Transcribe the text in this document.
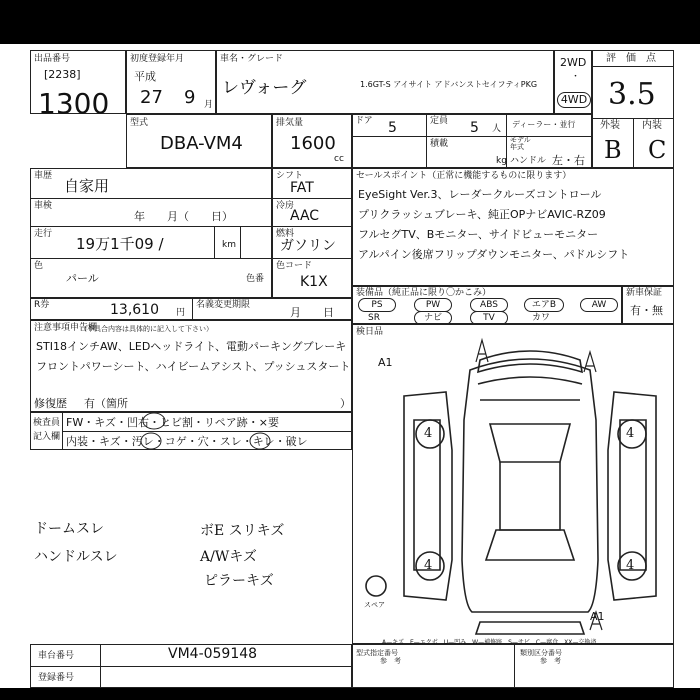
出品番号
[2238]
1300
初度登録年月
平成
27 9 月
車名・グレード
レヴォーグ	1.6GT-S アイサイト アドバンストセイフティPKG
2WD
・
4WD
評　価　点
3.5
外装 内装
B C
型式
DBA-VM4
排気量
1600
cc
ドア 5	定員 5 人 ディーラー・並行
モデル年式
積載
kg ハンドル 左・右
車歴
自家用
車検
年　　月（　　日）
走行
19万1千09 /	km
色
パール	色番
シフト
FAT
冷房
AAC
燃料
ガソリン
色コード
K1X
R券	13,610 円
名義変更期限
月　　日
セールスポイント（正常に機能するものに限ります）
EyeSight Ver.3、レーダークルーズコントロール
プリクラッシュブレーキ、純正OPナビAVIC-RZ09
フルセグTV、Bモニター、サイドビューモニター
アルパイン後席フリップダウンモニター、パドルシフト
装備品（純正品に限り〇かこみ）
PS	PW	ABS	エアB	AW
SR	ナビ	TV	カワ
新車保証
有・無
注意事項申告欄
（不具合内容は具体的に記入して下さい）
STI18インチAW、LEDヘッドライト、電動パーキングブレーキ
フロントパワーシート、ハイビームアシスト、プッシュスタート
修復歴 有（箇所	）
検査員
記入欄
FW・キズ・凹右・ヒビ割・リペア跡・×要
内装・キズ・汚レ・コゲ・穴・スレ・キレ・破レ
ドームスレ
ハンドルスレ
ボE スリキズ
A/Wキズ
ピラーキズ
検日品
A1
A1
4	4
4	4
スペア
A—キズ　E—エクボ　U—凹み　W—補修跡　S—サビ　C—腐食　XX—交換済
車台番号	VM4-059148
登録番号
型式指定番号
参　考
類別区分番号
参　考
